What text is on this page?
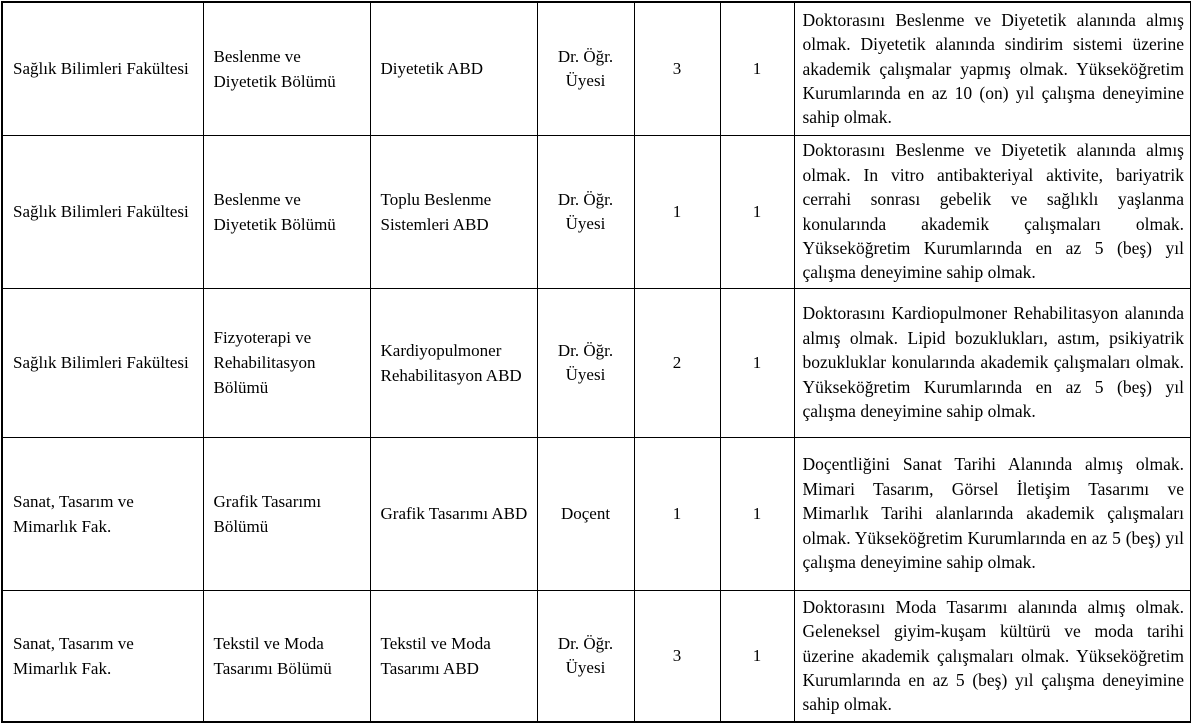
Sağlık Bilimleri Fakültesi	Beslenme ve Diyetetik Bölümü	Diyetetik ABD	Dr. Öğr. Üyesi	3	1	Doktorasını Beslenme ve Diyetetik alanında almış olmak. Diyetetik alanında sindirim sistemi üzerine akademik çalışmalar yapmış olmak. Yükseköğretim Kurumlarında en az 10 (on) yıl çalışma deneyimine sahip olmak.
Sağlık Bilimleri Fakültesi	Beslenme ve Diyetetik Bölümü	Toplu Beslenme Sistemleri ABD	Dr. Öğr. Üyesi	1	1	Doktorasını Beslenme ve Diyetetik alanında almış olmak. In vitro antibakteriyal aktivite, bariyatrik cerrahi sonrası gebelik ve sağlıklı yaşlanma konularında akademik çalışmaları olmak. Yükseköğretim Kurumlarında en az 5 (beş) yıl çalışma deneyimine sahip olmak.
Sağlık Bilimleri Fakültesi	Fizyoterapi ve Rehabilitasyon Bölümü	Kardiyopulmoner Rehabilitasyon ABD	Dr. Öğr. Üyesi	2	1	Doktorasını Kardiopulmoner Rehabilitasyon alanında almış olmak. Lipid bozuklukları, astım, psikiyatrik bozukluklar konularında akademik çalışmaları olmak. Yükseköğretim Kurumlarında en az 5 (beş) yıl çalışma deneyimine sahip olmak.
Sanat, Tasarım ve Mimarlık Fak.	Grafik Tasarımı Bölümü	Grafik Tasarımı ABD	Doçent	1	1	Doçentliğini Sanat Tarihi Alanında almış olmak. Mimari Tasarım, Görsel İletişim Tasarımı ve Mimarlık Tarihi alanlarında akademik çalışmaları olmak. Yükseköğretim Kurumlarında en az 5 (beş) yıl çalışma deneyimine sahip olmak.
Sanat, Tasarım ve Mimarlık Fak.	Tekstil ve Moda Tasarımı Bölümü	Tekstil ve Moda Tasarımı ABD	Dr. Öğr. Üyesi	3	1	Doktorasını Moda Tasarımı alanında almış olmak. Geleneksel giyim-kuşam kültürü ve moda tarihi üzerine akademik çalışmaları olmak. Yükseköğretim Kurumlarında en az 5 (beş) yıl çalışma deneyimine sahip olmak.
